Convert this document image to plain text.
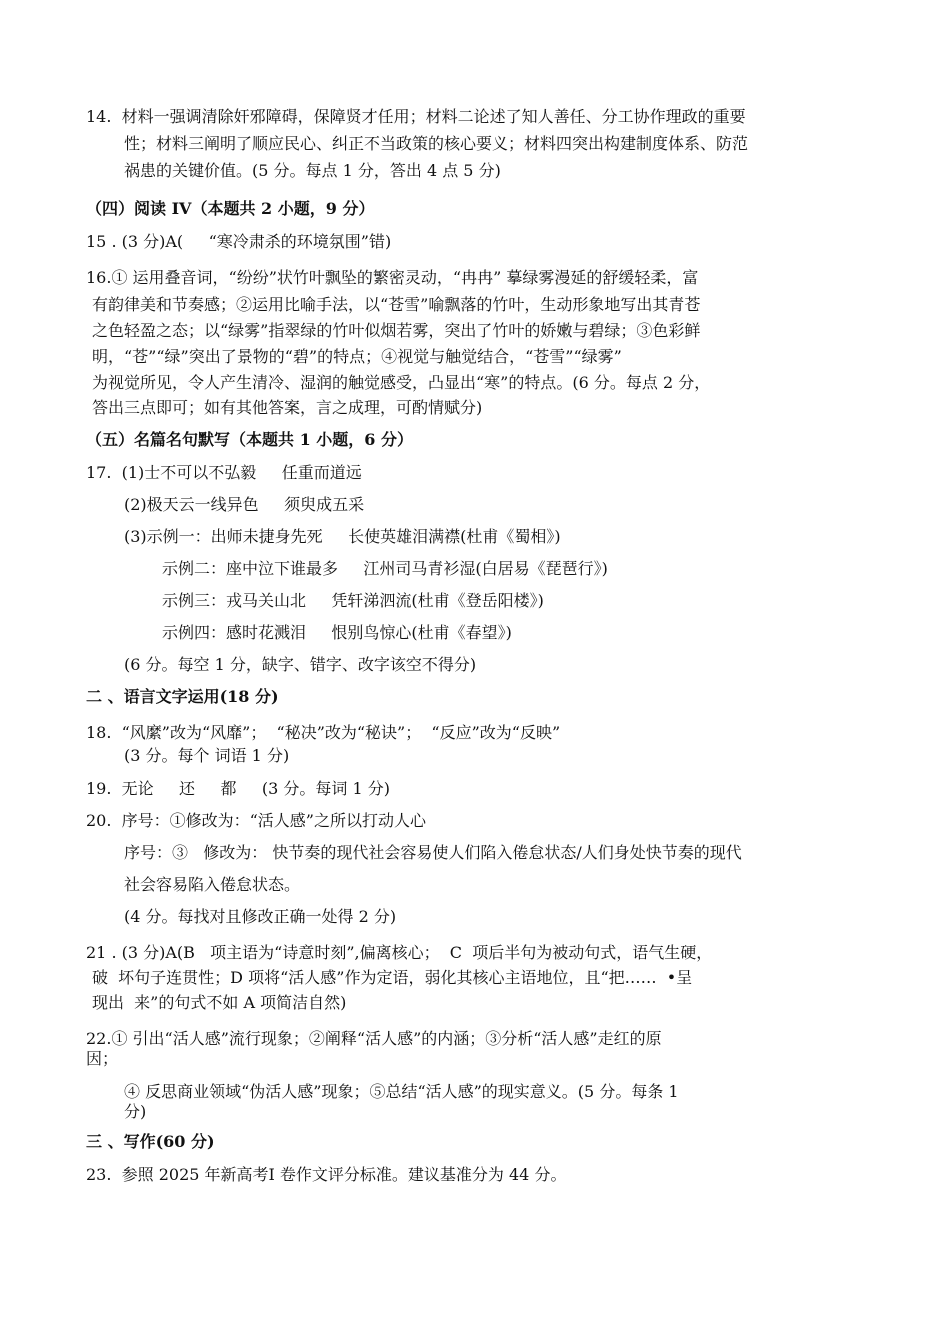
14.  材料一强调清除奸邪障碍，保障贤才任用；材料二论述了知人善任、分工协作理政的重要
性；材料三阐明了顺应民心、纠正不当政策的核心要义；材料四突出构建制度体系、防范
祸患的关键价值。(5 分。每点 1 分，答出 4 点 5 分)
（四）阅读 IV（本题共 2 小题，9 分）
15 . (3 分)A(     “寒冷肃杀的环境氛围”错)
16.① 运用叠音词，“纷纷”状竹叶飘坠的繁密灵动，“冉冉” 摹绿雾漫延的舒缓轻柔，富
有韵律美和节奏感；②运用比喻手法，以“苍雪”喻飘落的竹叶，生动形象地写出其青苍
之色轻盈之态；以“绿雾”指翠绿的竹叶似烟若雾，突出了竹叶的娇嫩与碧绿；③色彩鲜
明，“苍”“绿”突出了景物的“碧”的特点；④视觉与触觉结合，“苍雪”“绿雾”
为视觉所见，令人产生清冷、湿润的触觉感受，凸显出“寒”的特点。(6 分。每点 2 分，
答出三点即可；如有其他答案，言之成理，可酌情赋分)
（五）名篇名句默写（本题共 1 小题，6 分）
17.  (1)士不可以不弘毅     任重而道远
(2)极天云一线异色     须臾成五采
(3)示例一：出师未捷身先死     长使英雄泪满襟(杜甫《蜀相》)
示例二：座中泣下谁最多     江州司马青衫湿(白居易《琵琶行》)
示例三：戎马关山北     凭轩涕泗流(杜甫《登岳阳楼》)
示例四：感时花溅泪     恨别鸟惊心(杜甫《春望》)
(6 分。每空 1 分，缺字、错字、改字该空不得分)
二 、语言文字运用(18 分)
18.  “风縻”改为“风靡”；  “秘决”改为“秘诀”；  “反应”改为“反映”
(3 分。每个 词语 1 分)
19.  无论     还     都     (3 分。每词 1 分)
20.  序号：①修改为：“活人感”之所以打动人心
序号：③   修改为： 快节奏的现代社会容易使人们陷入倦怠状态/人们身处快节奏的现代
社会容易陷入倦怠状态。
(4 分。每找对且修改正确一处得 2 分)
21 . (3 分)A(B   项主语为“诗意时刻”,偏离核心；  C  项后半句为被动句式，语气生硬，
破  坏句子连贯性；D 项将“活人感”作为定语，弱化其核心主语地位，且“把……  •呈
现出  来”的句式不如 A 项简洁自然)
22.① 引出“活人感”流行现象；②阐释“活人感”的内涵；③分析“活人感”走红的原
因；
④ 反思商业领域“伪活人感”现象；⑤总结“活人感”的现实意义。(5 分。每条 1
分)
三 、写作(60 分)
23.  参照 2025 年新高考Ⅰ 卷作文评分标准。建议基准分为 44 分。
